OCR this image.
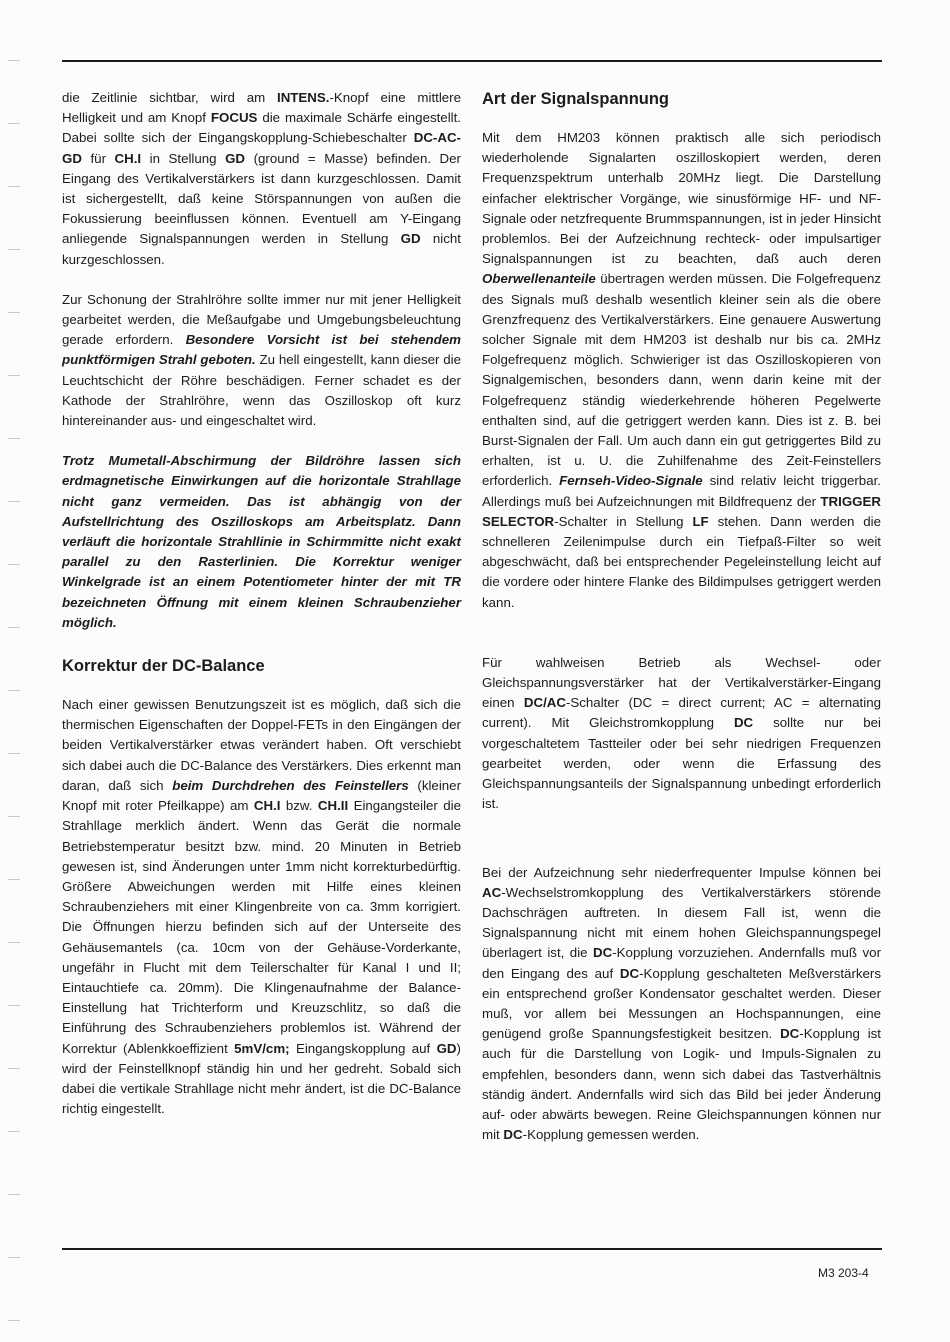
die Zeitlinie sichtbar, wird am INTENS.-Knopf eine mittlere Helligkeit und am Knopf FOCUS die maximale Schärfe eingestellt. Dabei sollte sich der Eingangskopplung-Schiebeschalter DC-AC-GD für CH.I in Stellung GD (ground = Masse) befinden. Der Eingang des Vertikalverstärkers ist dann kurzgeschlossen. Damit ist sichergestellt, daß keine Störspannungen von außen die Fokussierung beeinflussen können. Eventuell am Y-Eingang anliegende Signalspannungen werden in Stellung GD nicht kurzgeschlossen.

Zur Schonung der Strahlröhre sollte immer nur mit jener Helligkeit gearbeitet werden, die Meßaufgabe und Umgebungsbeleuchtung gerade erfordern. Besondere Vorsicht ist bei stehendem punktförmigen Strahl geboten. Zu hell eingestellt, kann dieser die Leuchtschicht der Röhre beschädigen. Ferner schadet es der Kathode der Strahlröhre, wenn das Oszilloskop oft kurz hintereinander aus- und eingeschaltet wird.

Trotz Mumetall-Abschirmung der Bildröhre lassen sich erdmagnetische Einwirkungen auf die horizontale Strahllage nicht ganz vermeiden. Das ist abhängig von der Aufstellrichtung des Oszilloskops am Arbeitsplatz. Dann verläuft die horizontale Strahllinie in Schirmmitte nicht exakt parallel zu den Rasterlinien. Die Korrektur weniger Winkelgrade ist an einem Potentiometer hinter der mit TR bezeichneten Öffnung mit einem kleinen Schraubenzieher möglich.

Korrektur der DC-Balance

Nach einer gewissen Benutzungszeit ist es möglich, daß sich die thermischen Eigenschaften der Doppel-FETs in den Eingängen der beiden Vertikalverstärker etwas verändert haben. Oft verschiebt sich dabei auch die DC-Balance des Verstärkers. Dies erkennt man daran, daß sich beim Durchdrehen des Feinstellers (kleiner Knopf mit roter Pfeilkappe) am CH.I bzw. CH.II Eingangsteiler die Strahllage merklich ändert. Wenn das Gerät die normale Betriebstemperatur besitzt bzw. mind. 20 Minuten in Betrieb gewesen ist, sind Änderungen unter 1mm nicht korrekturbedürftig. Größere Abweichungen werden mit Hilfe eines kleinen Schraubenziehers mit einer Klingenbreite von ca. 3mm korrigiert. Die Öffnungen hierzu befinden sich auf der Unterseite des Gehäusemantels (ca. 10cm von der Gehäuse-Vorderkante, ungefähr in Flucht mit dem Teilerschalter für Kanal I und II; Eintauchtiefe ca. 20mm). Die Klingenaufnahme der Balance-Einstellung hat Trichterform und Kreuzschlitz, so daß die Einführung des Schraubenziehers problemlos ist. Während der Korrektur (Ablenkkoeffizient 5mV/cm; Eingangskopplung auf GD) wird der Feinstellknopf ständig hin und her gedreht. Sobald sich dabei die vertikale Strahllage nicht mehr ändert, ist die DC-Balance richtig eingestellt.

Art der Signalspannung

Mit dem HM203 können praktisch alle sich periodisch wiederholende Signalarten oszilloskopiert werden, deren Frequenzspektrum unterhalb 20MHz liegt. Die Darstellung einfacher elektrischer Vorgänge, wie sinusförmige HF- und NF-Signale oder netzfrequente Brummspannungen, ist in jeder Hinsicht problemlos. Bei der Aufzeichnung rechteck- oder impulsartiger Signalspannungen ist zu beachten, daß auch deren Oberwellenanteile übertragen werden müssen. Die Folgefrequenz des Signals muß deshalb wesentlich kleiner sein als die obere Grenzfrequenz des Vertikalverstärkers. Eine genauere Auswertung solcher Signale mit dem HM203 ist deshalb nur bis ca. 2MHz Folgefrequenz möglich. Schwieriger ist das Oszilloskopieren von Signalgemischen, besonders dann, wenn darin keine mit der Folgefrequenz ständig wiederkehrende höheren Pegelwerte enthalten sind, auf die getriggert werden kann. Dies ist z. B. bei Burst-Signalen der Fall. Um auch dann ein gut getriggertes Bild zu erhalten, ist u. U. die Zuhilfenahme des Zeit-Feinstellers erforderlich. Fernseh-Video-Signale sind relativ leicht triggerbar. Allerdings muß bei Aufzeichnungen mit Bildfrequenz der TRIGGER SELECTOR-Schalter in Stellung LF stehen. Dann werden die schnelleren Zeilenimpulse durch ein Tiefpaß-Filter so weit abgeschwächt, daß bei entsprechender Pegeleinstellung leicht auf die vordere oder hintere Flanke des Bildimpulses getriggert werden kann.

Für wahlweisen Betrieb als Wechsel- oder Gleichspannungsverstärker hat der Vertikalverstärker-Eingang einen DC/AC-Schalter (DC = direct current; AC = alternating current). Mit Gleichstromkopplung DC sollte nur bei vorgeschaltetem Tastteiler oder bei sehr niedrigen Frequenzen gearbeitet werden, oder wenn die Erfassung des Gleichspannungsanteils der Signalspannung unbedingt erforderlich ist.

Bei der Aufzeichnung sehr niederfrequenter Impulse können bei AC-Wechselstromkopplung des Vertikalverstärkers störende Dachschrägen auftreten. In diesem Fall ist, wenn die Signalspannung nicht mit einem hohen Gleichspannungspegel überlagert ist, die DC-Kopplung vorzuziehen. Andernfalls muß vor den Eingang des auf DC-Kopplung geschalteten Meßverstärkers ein entsprechend großer Kondensator geschaltet werden. Dieser muß, vor allem bei Messungen an Hochspannungen, eine genügend große Spannungsfestigkeit besitzen. DC-Kopplung ist auch für die Darstellung von Logik- und Impuls-Signalen zu empfehlen, besonders dann, wenn sich dabei das Tastverhältnis ständig ändert. Andernfalls wird sich das Bild bei jeder Änderung auf- oder abwärts bewegen. Reine Gleichspannungen können nur mit DC-Kopplung gemessen werden.

M3 203-4
